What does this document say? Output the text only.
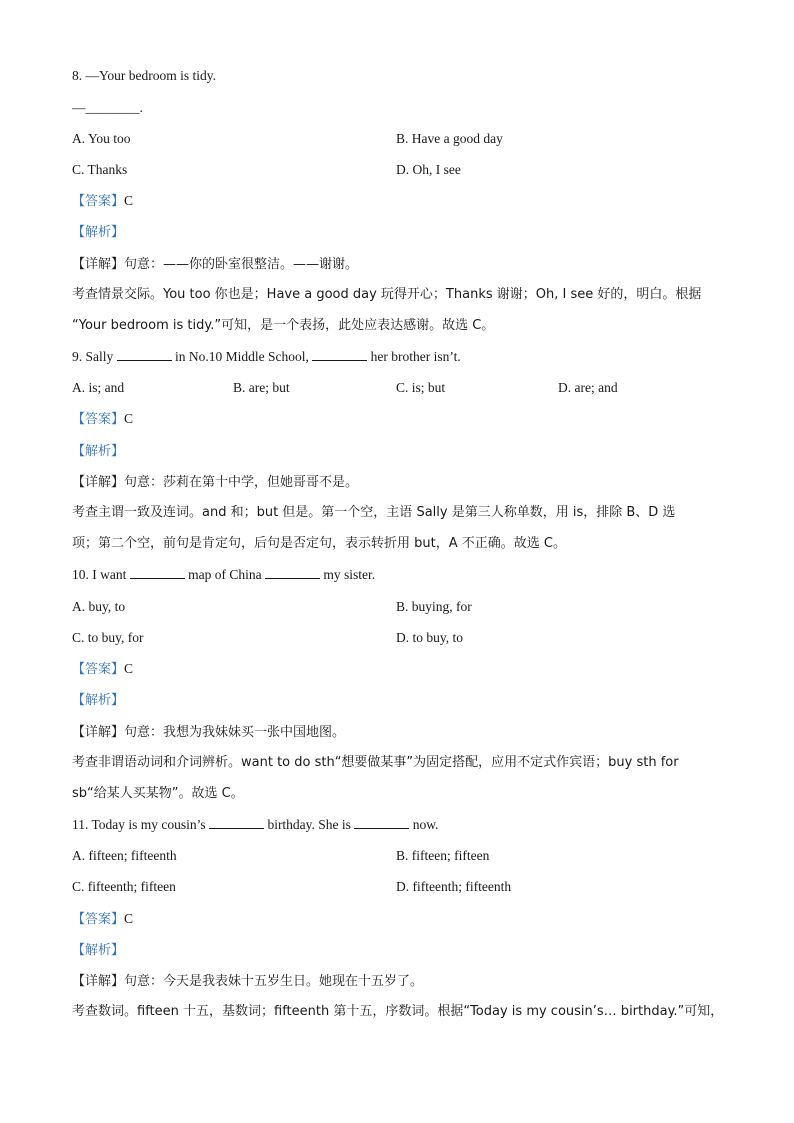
8. —Your bedroom is tidy.
—________.
A. You too	B. Have a good day
C. Thanks	D. Oh, I see
【答案】C
【解析】
【详解】句意：——你的卧室很整洁。——谢谢。
考查情景交际。You too 你也是；Have a good day 玩得开心；Thanks 谢谢；Oh, I see 好的，明白。根据
“Your bedroom is tidy.”可知，是一个表扬，此处应表达感谢。故选 C。
9. Sally	in No.10 Middle School,	her brother isn’t.
A. is; and	B. are; but	C. is; but	D. are; and
【答案】C
【解析】
【详解】句意：莎莉在第十中学，但她哥哥不是。
考查主谓一致及连词。and 和；but 但是。第一个空，主语 Sally 是第三人称单数，用 is，排除 B、D 选
项；第二个空，前句是肯定句，后句是否定句，表示转折用 but，A 不正确。故选 C。
10. I want	map of China	my sister.
A. buy, to	B. buying, for
C. to buy, for	D. to buy, to
【答案】C
【解析】
【详解】句意：我想为我妹妹买一张中国地图。
考查非谓语动词和介词辨析。want to do sth“想要做某事”为固定搭配，应用不定式作宾语；buy sth for
sb“给某人买某物”。故选 C。
11. Today is my cousin’s	birthday. She is	now.
A. fifteen; fifteenth	B. fifteen; fifteen
C. fifteenth; fifteen	D. fifteenth; fifteenth
【答案】C
【解析】
【详解】句意：今天是我表妹十五岁生日。她现在十五岁了。
考查数词。fifteen 十五，基数词；fifteenth 第十五，序数词。根据“Today is my cousin’s… birthday.”可知，
